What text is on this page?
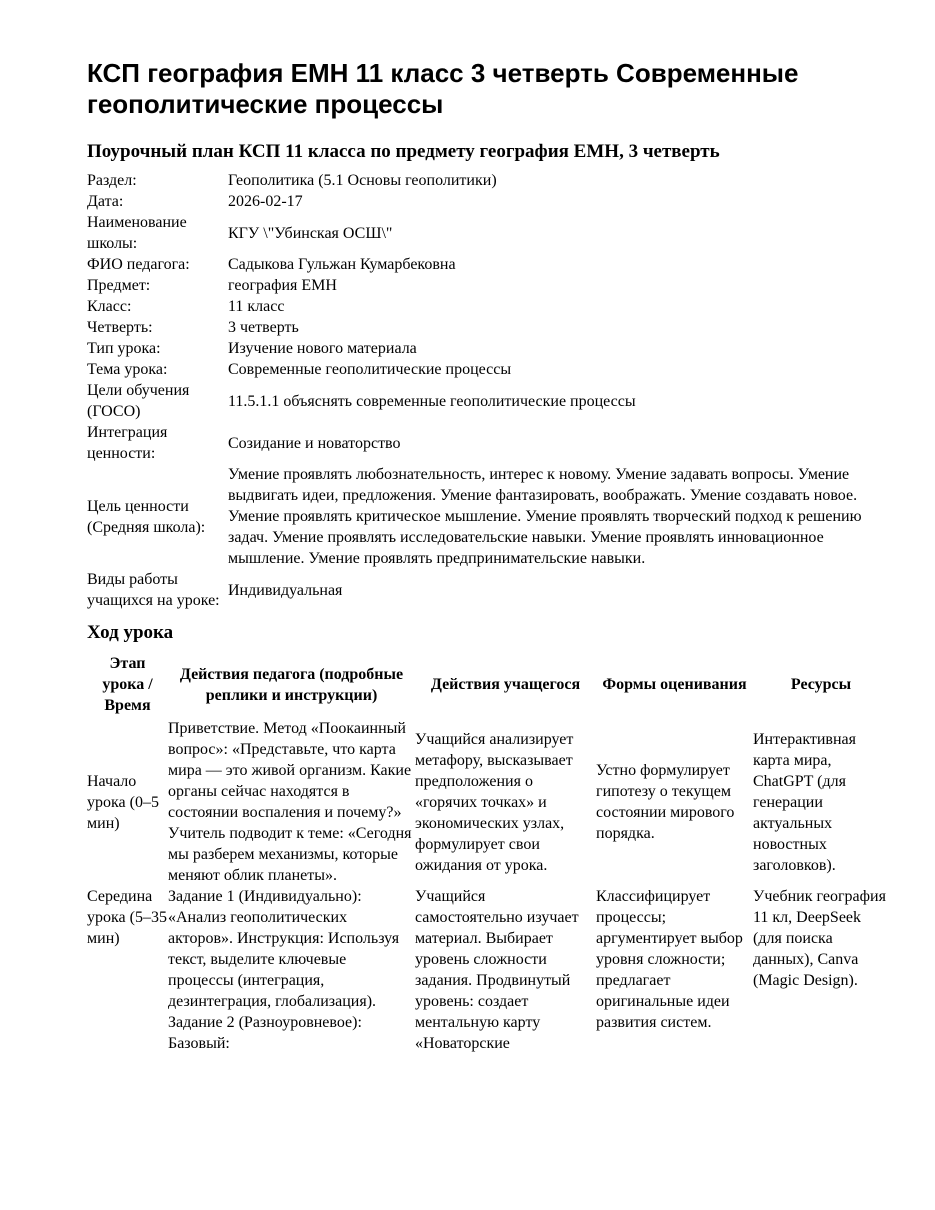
КСП география ЕМН 11 класс 3 четверть Современные геополитические процессы
Поурочный план КСП 11 класса по предмету география ЕМН, 3 четверть
Раздел:	Геополитика (5.1 Основы геополитики)
Дата:	2026-02-17
Наименование школы:	КГУ \"Убинская ОСШ\"
ФИО педагога:	Садыкова Гульжан Кумарбековна
Предмет:	география ЕМН
Класс:	11 класс
Четверть:	3 четверть
Тип урока:	Изучение нового материала
Тема урока:	Современные геополитические процессы
Цели обучения (ГОСО)	11.5.1.1 объяснять современные геополитические процессы
Интеграция ценности:	Созидание и новаторство
Цель ценности (Средняя школа):	Умение проявлять любознательность, интерес к новому. Умение задавать вопросы. Умение выдвигать идеи, предложения. Умение фантазировать, воображать. Умение создавать новое. Умение проявлять критическое мышление. Умение проявлять творческий подход к решению задач. Умение проявлять исследовательские навыки. Умение проявлять инновационное мышление. Умение проявлять предпринимательские навыки.
Виды работы учащихся на уроке:	Индивидуальная
Ход урока
Этап урока / Время	Действия педагога (подробные реплики и инструкции)	Действия учащегося	Формы оценивания	Ресурсы
Начало урока (0–5 мин)	Приветствие. Метод «Поокаинный вопрос»: «Представьте, что карта мира — это живой организм. Какие органы сейчас находятся в состоянии воспаления и почему?» Учитель подводит к теме: «Сегодня мы разберем механизмы, которые меняют облик планеты».	Учащийся анализирует метафору, высказывает предположения о «горячих точках» и экономических узлах, формулирует свои ожидания от урока.	Устно формулирует гипотезу о текущем состоянии мирового порядка.	Интерактивная карта мира, ChatGPT (для генерации актуальных новостных заголовков).
Середина урока (5–35 мин)	Задание 1 (Индивидуально): «Анализ геополитических акторов». Инструкция: Используя текст, выделите ключевые процессы (интеграция, дезинтеграция, глобализация). Задание 2 (Разноуровневое): Базовый:	Учащийся самостоятельно изучает материал. Выбирает уровень сложности задания. Продвинутый уровень: создает ментальную карту «Новаторские	Классифицирует процессы; аргументирует выбор уровня сложности; предлагает оригинальные идеи развития систем.	Учебник география 11 кл, DeepSeek (для поиска данных), Canva (Magic Design).
